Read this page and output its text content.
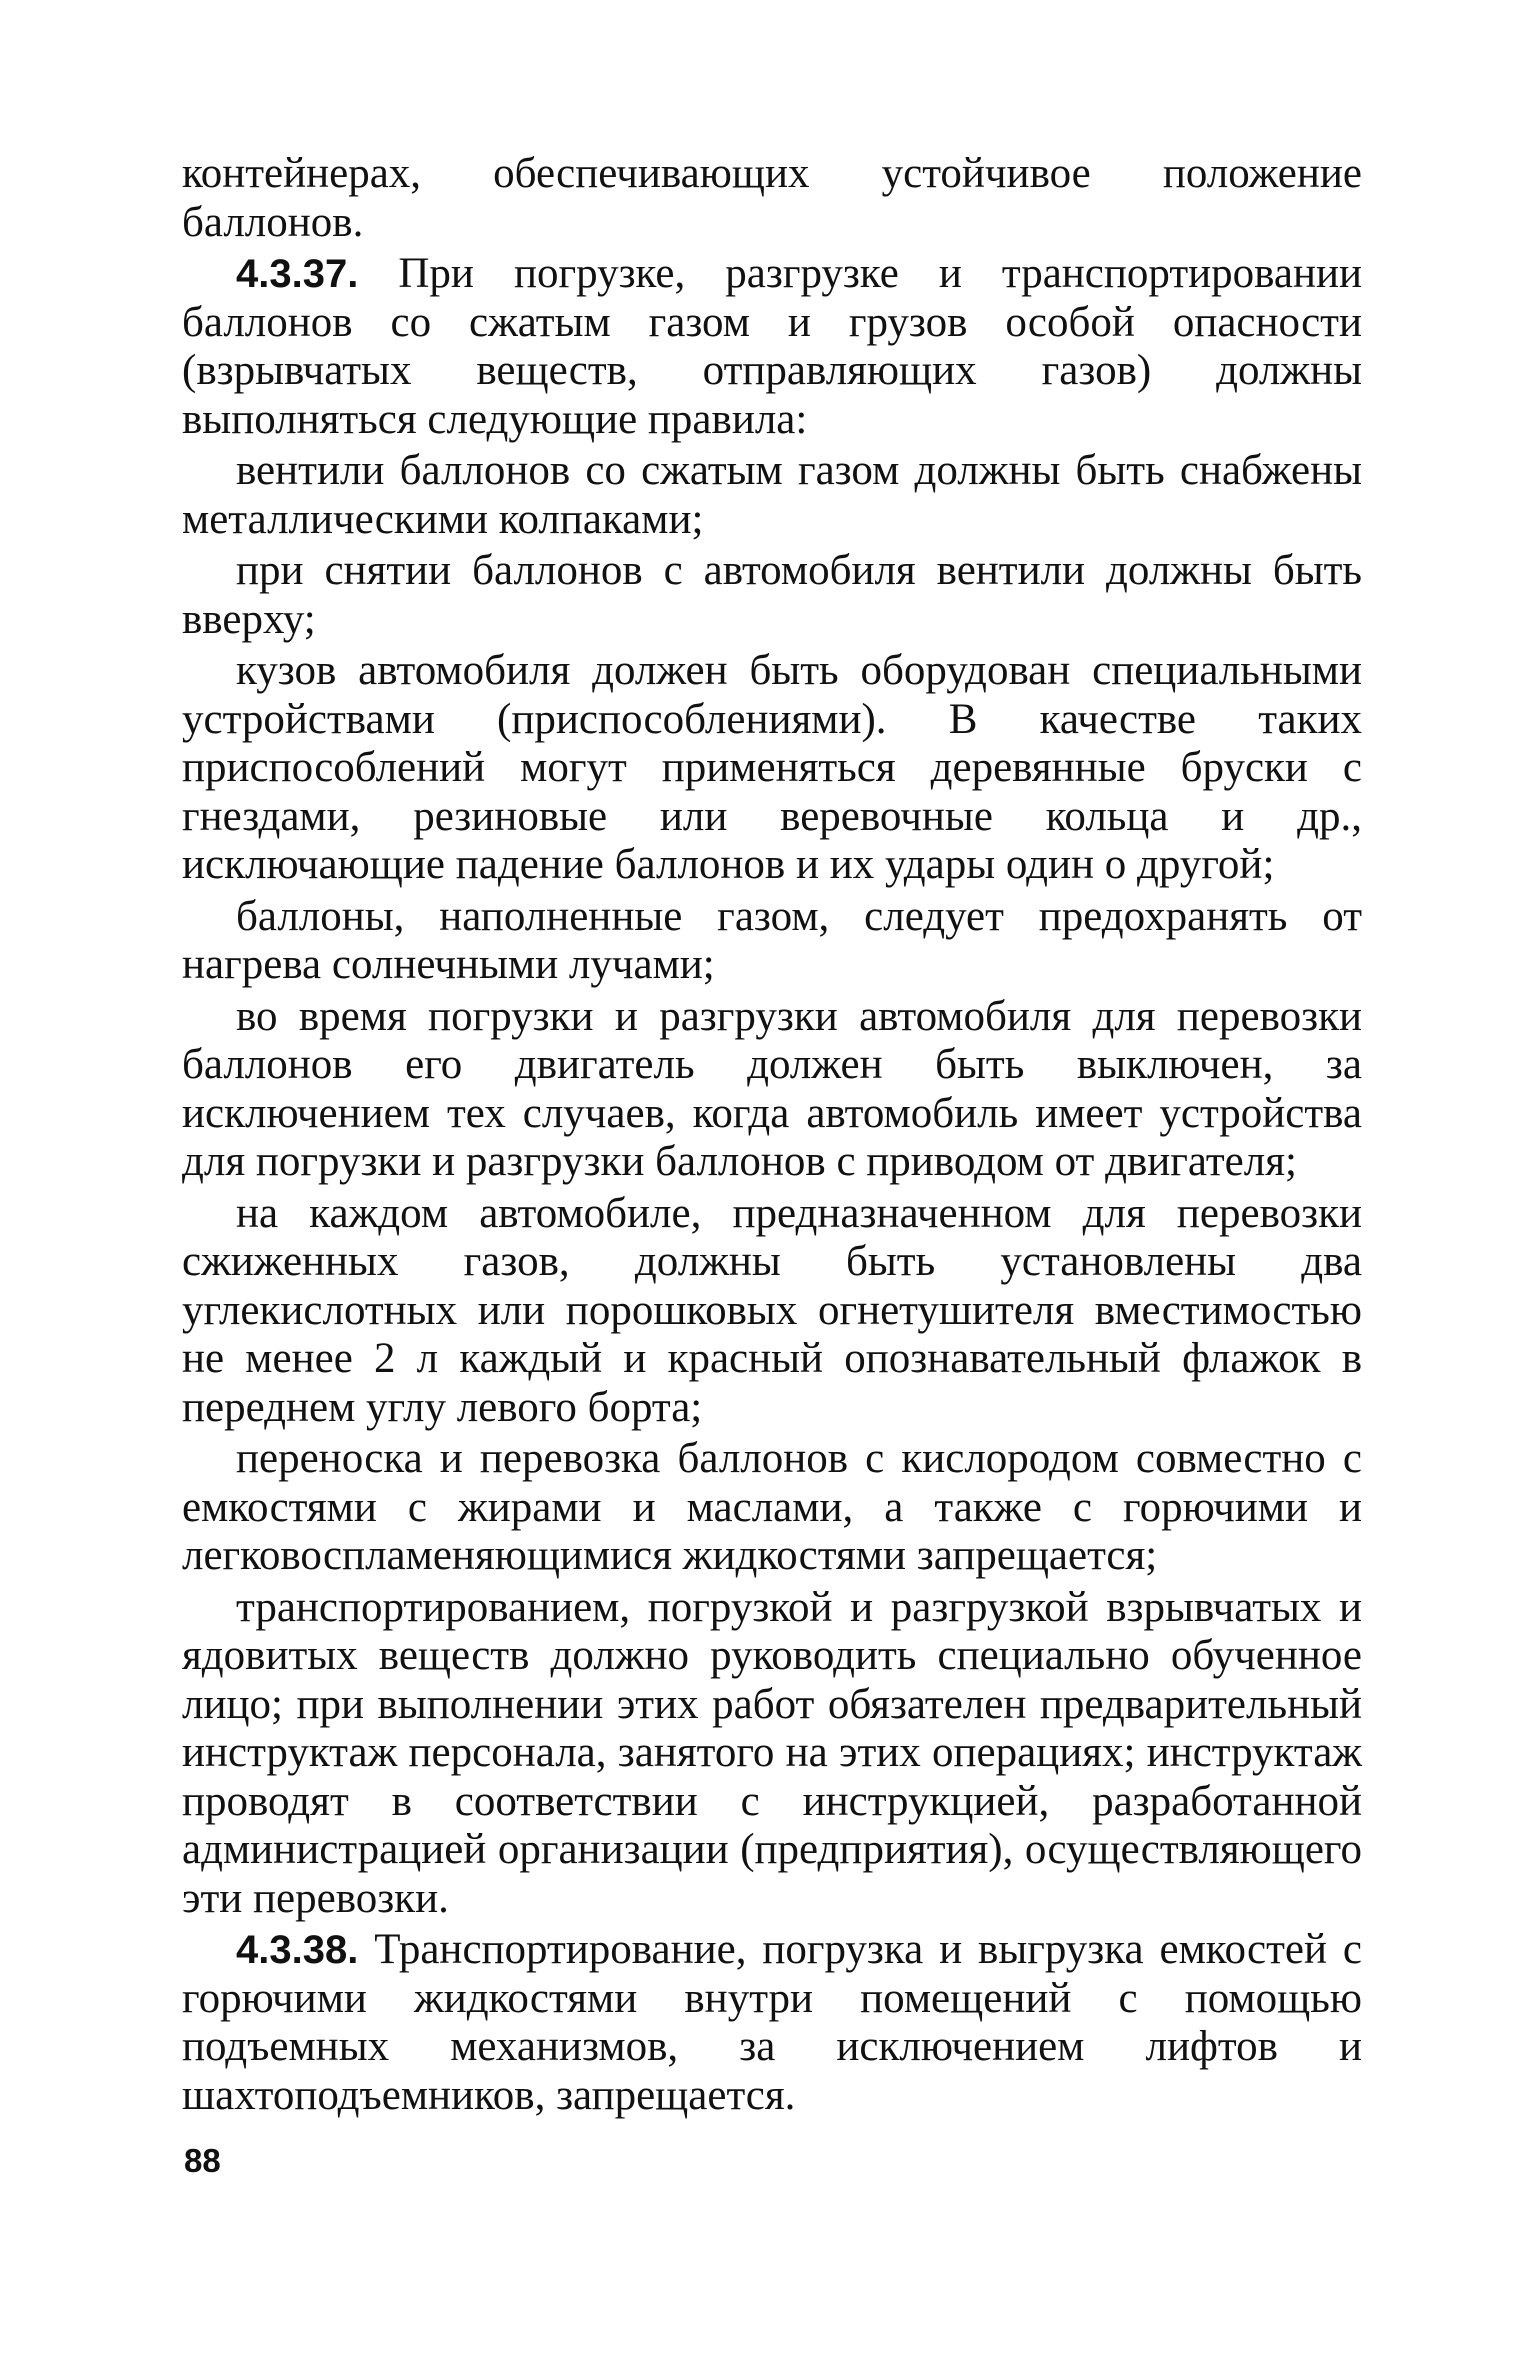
контейнерах, обеспечивающих устойчивое положение баллонов.

4.3.37. При погрузке, разгрузке и транспортировании баллонов со сжатым газом и грузов особой опасности (взрывчатых веществ, отправляющих газов) должны выполняться следующие правила:

вентили баллонов со сжатым газом должны быть снабжены металлическими колпаками;

при снятии баллонов с автомобиля вентили должны быть вверху;

кузов автомобиля должен быть оборудован специальными устройствами (приспособлениями). В качестве таких приспособлений могут применяться деревянные бруски с гнездами, резиновые или веревочные кольца и др., исключающие падение баллонов и их удары один о другой;

баллоны, наполненные газом, следует предохранять от нагрева солнечными лучами;

во время погрузки и разгрузки автомобиля для перевозки баллонов его двигатель должен быть выключен, за исключением тех случаев, когда автомобиль имеет устройства для погрузки и разгрузки баллонов с приводом от двигателя;

на каждом автомобиле, предназначенном для перевозки сжиженных газов, должны быть установлены два углекислотных или порошковых огнетушителя вместимостью не менее 2 л каждый и красный опознавательный флажок в переднем углу левого борта;

переноска и перевозка баллонов с кислородом совместно с емкостями с жирами и маслами, а также с горючими и легковоспламеняющимися жидкостями запрещается;

транспортированием, погрузкой и разгрузкой взрывчатых и ядовитых веществ должно руководить специально обученное лицо; при выполнении этих работ обязателен предварительный инструктаж персонала, занятого на этих операциях; инструктаж проводят в соответствии с инструкцией, разработанной администрацией организации (предприятия), осуществляющего эти перевозки.

4.3.38. Транспортирование, погрузка и выгрузка емкостей с горючими жидкостями внутри помещений с помощью подъемных механизмов, за исключением лифтов и шахтоподъемников, запрещается.

88
